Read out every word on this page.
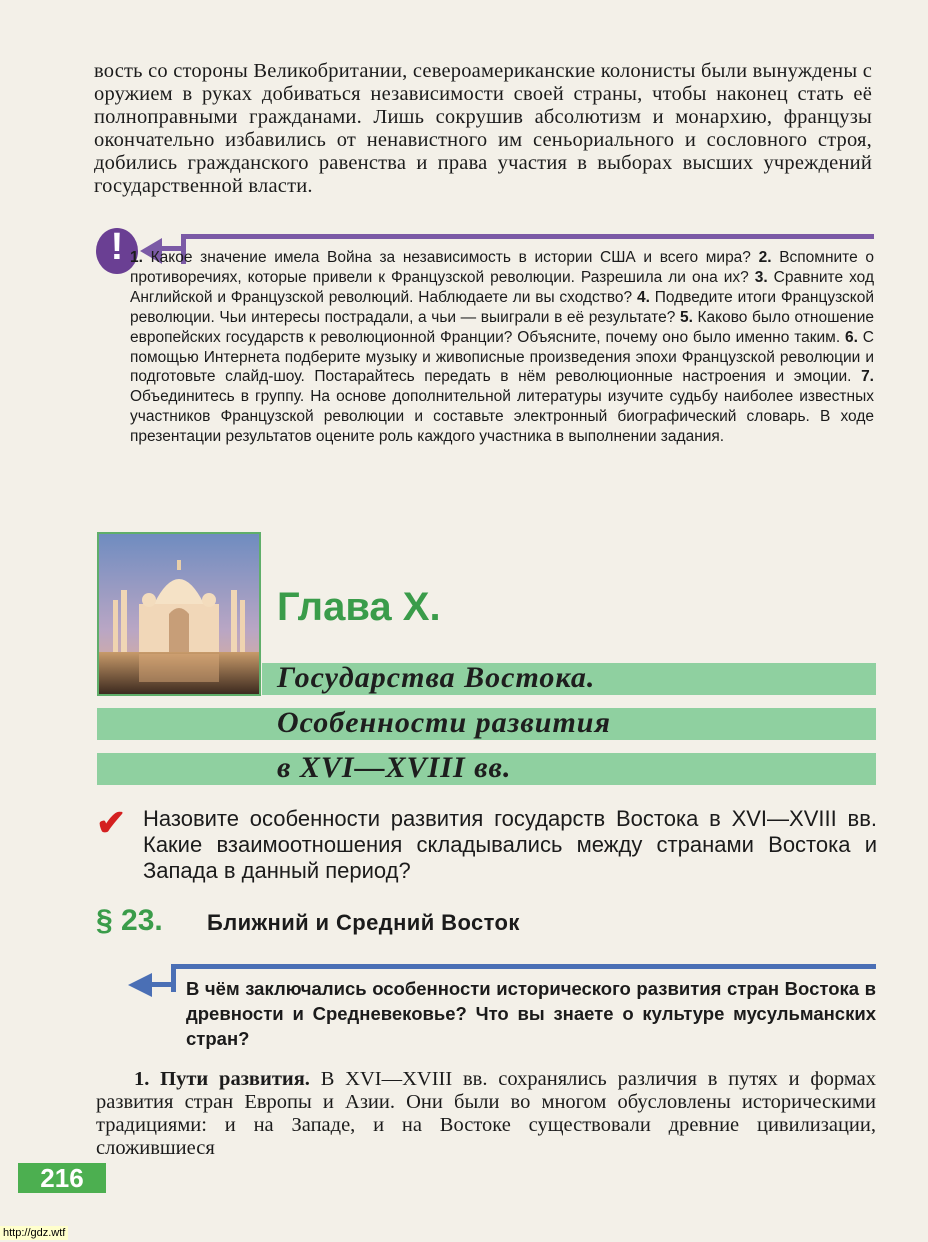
вость со стороны Великобритании, североамериканские колонисты были вынуждены с оружием в руках добиваться независимости своей страны, чтобы наконец стать её полноправными гражданами. Лишь сокрушив абсолютизм и монархию, французы окончательно избавились от ненавистного им сеньориального и сословного строя, добились гражданского равенства и права участия в выборах высших учреждений государственной власти.
! 1. Какое значение имела Война за независимость в истории США и всего мира? 2. Вспомните о противоречиях, которые привели к Французской революции. Разрешила ли она их? 3. Сравните ход Английской и Французской революций. Наблюдаете ли вы сходство? 4. Подведите итоги Французской революции. Чьи интересы пострадали, а чьи — выиграли в её результате? 5. Каково было отношение европейских государств к революционной Франции? Объясните, почему оно было именно таким. 6. С помощью Интернета подберите музыку и живописные произведения эпохи Французской революции и подготовьте слайд-шоу. Постарайтесь передать в нём революционные настроения и эмоции. 7. Объединитесь в группу. На основе дополнительной литературы изучите судьбу наиболее известных участников Французской революции и составьте электронный биографический словарь. В ходе презентации результатов оцените роль каждого участника в выполнении задания.
Глава X.
Государства Востока.
Особенности развития
в XVI—XVIII вв.
✔ Назовите особенности развития государств Востока в XVI—XVIII вв. Какие взаимоотношения складывались между странами Востока и Запада в данный период?
§ 23. Ближний и Средний Восток
В чём заключались особенности исторического развития стран Востока в древности и Средневековье? Что вы знаете о культуре мусульманских стран?
1. Пути развития. В XVI—XVIII вв. сохранялись различия в путях и формах развития стран Европы и Азии. Они были во многом обусловлены историческими традициями: и на Западе, и на Востоке существовали древние цивилизации, сложившиеся
216
http://gdz.wtf
